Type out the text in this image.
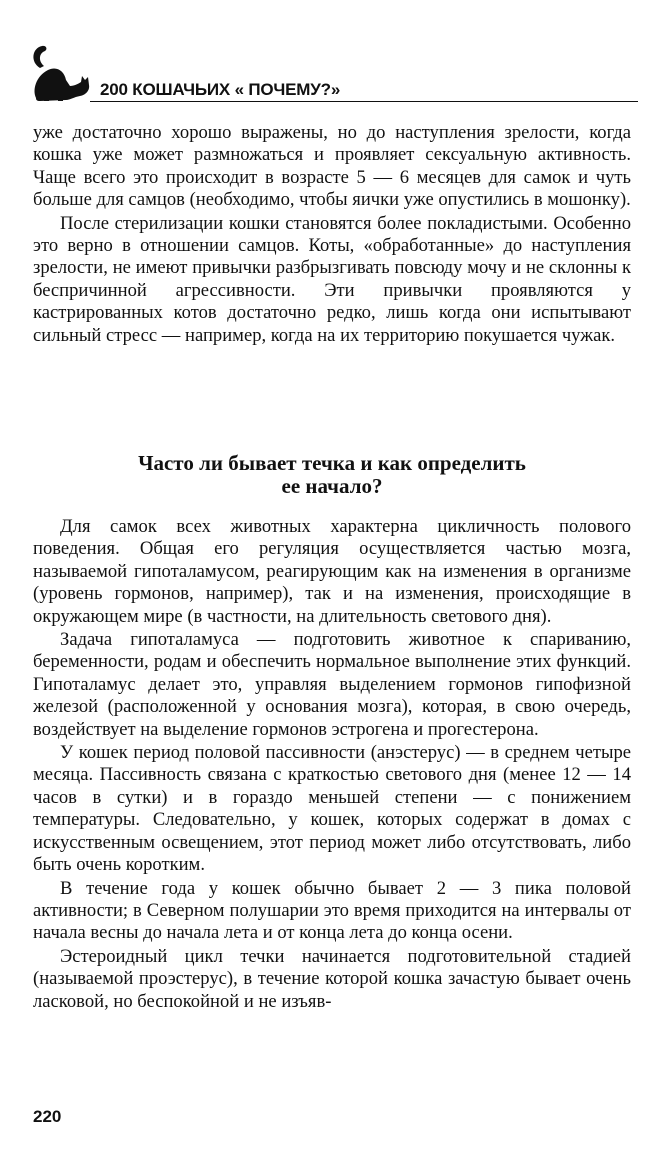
200 КОШАЧЬИХ « ПОЧЕМУ?»

уже достаточно хорошо выражены, но до наступления зрелости, когда кошка уже может размножаться и проявляет сексуальную активность. Чаще всего это происходит в возрасте 5 — 6 месяцев для самок и чуть больше для самцов (необходимо, чтобы яички уже опустились в мошонку).

После стерилизации кошки становятся более покладистыми. Особенно это верно в отношении самцов. Коты, «обработанные» до наступления зрелости, не имеют привычки разбрызгивать повсюду мочу и не склонны к беспричинной агрессивности. Эти привычки проявляются у кастрированных котов достаточно редко, лишь когда они испытывают сильный стресс — например, когда на их территорию покушается чужак.

Часто ли бывает течка и как определить
ее начало?

Для самок всех животных характерна цикличность полового поведения. Общая его регуляция осуществляется частью мозга, называемой гипоталамусом, реагирующим как на изменения в организме (уровень гормонов, например), так и на изменения, происходящие в окружающем мире (в частности, на длительность светового дня).

Задача гипоталамуса — подготовить животное к спариванию, беременности, родам и обеспечить нормальное выполнение этих функций. Гипоталамус делает это, управляя выделением гормонов гипофизной железой (расположенной у основания мозга), которая, в свою очередь, воздействует на выделение гормонов эстрогена и прогестерона.

У кошек период половой пассивности (анэстерус) — в среднем четыре месяца. Пассивность связана с краткостью светового дня (менее 12 — 14 часов в сутки) и в гораздо меньшей степени — с понижением температуры. Следовательно, у кошек, которых содержат в домах с искусственным освещением, этот период может либо отсутствовать, либо быть очень коротким.

В течение года у кошек обычно бывает 2 — 3 пика половой активности; в Северном полушарии это время приходится на интервалы от начала весны до начала лета и от конца лета до конца осени.

Эстероидный цикл течки начинается подготовительной стадией (называемой проэстерус), в течение которой кошка зачастую бывает очень ласковой, но беспокойной и не изъяв-

220
